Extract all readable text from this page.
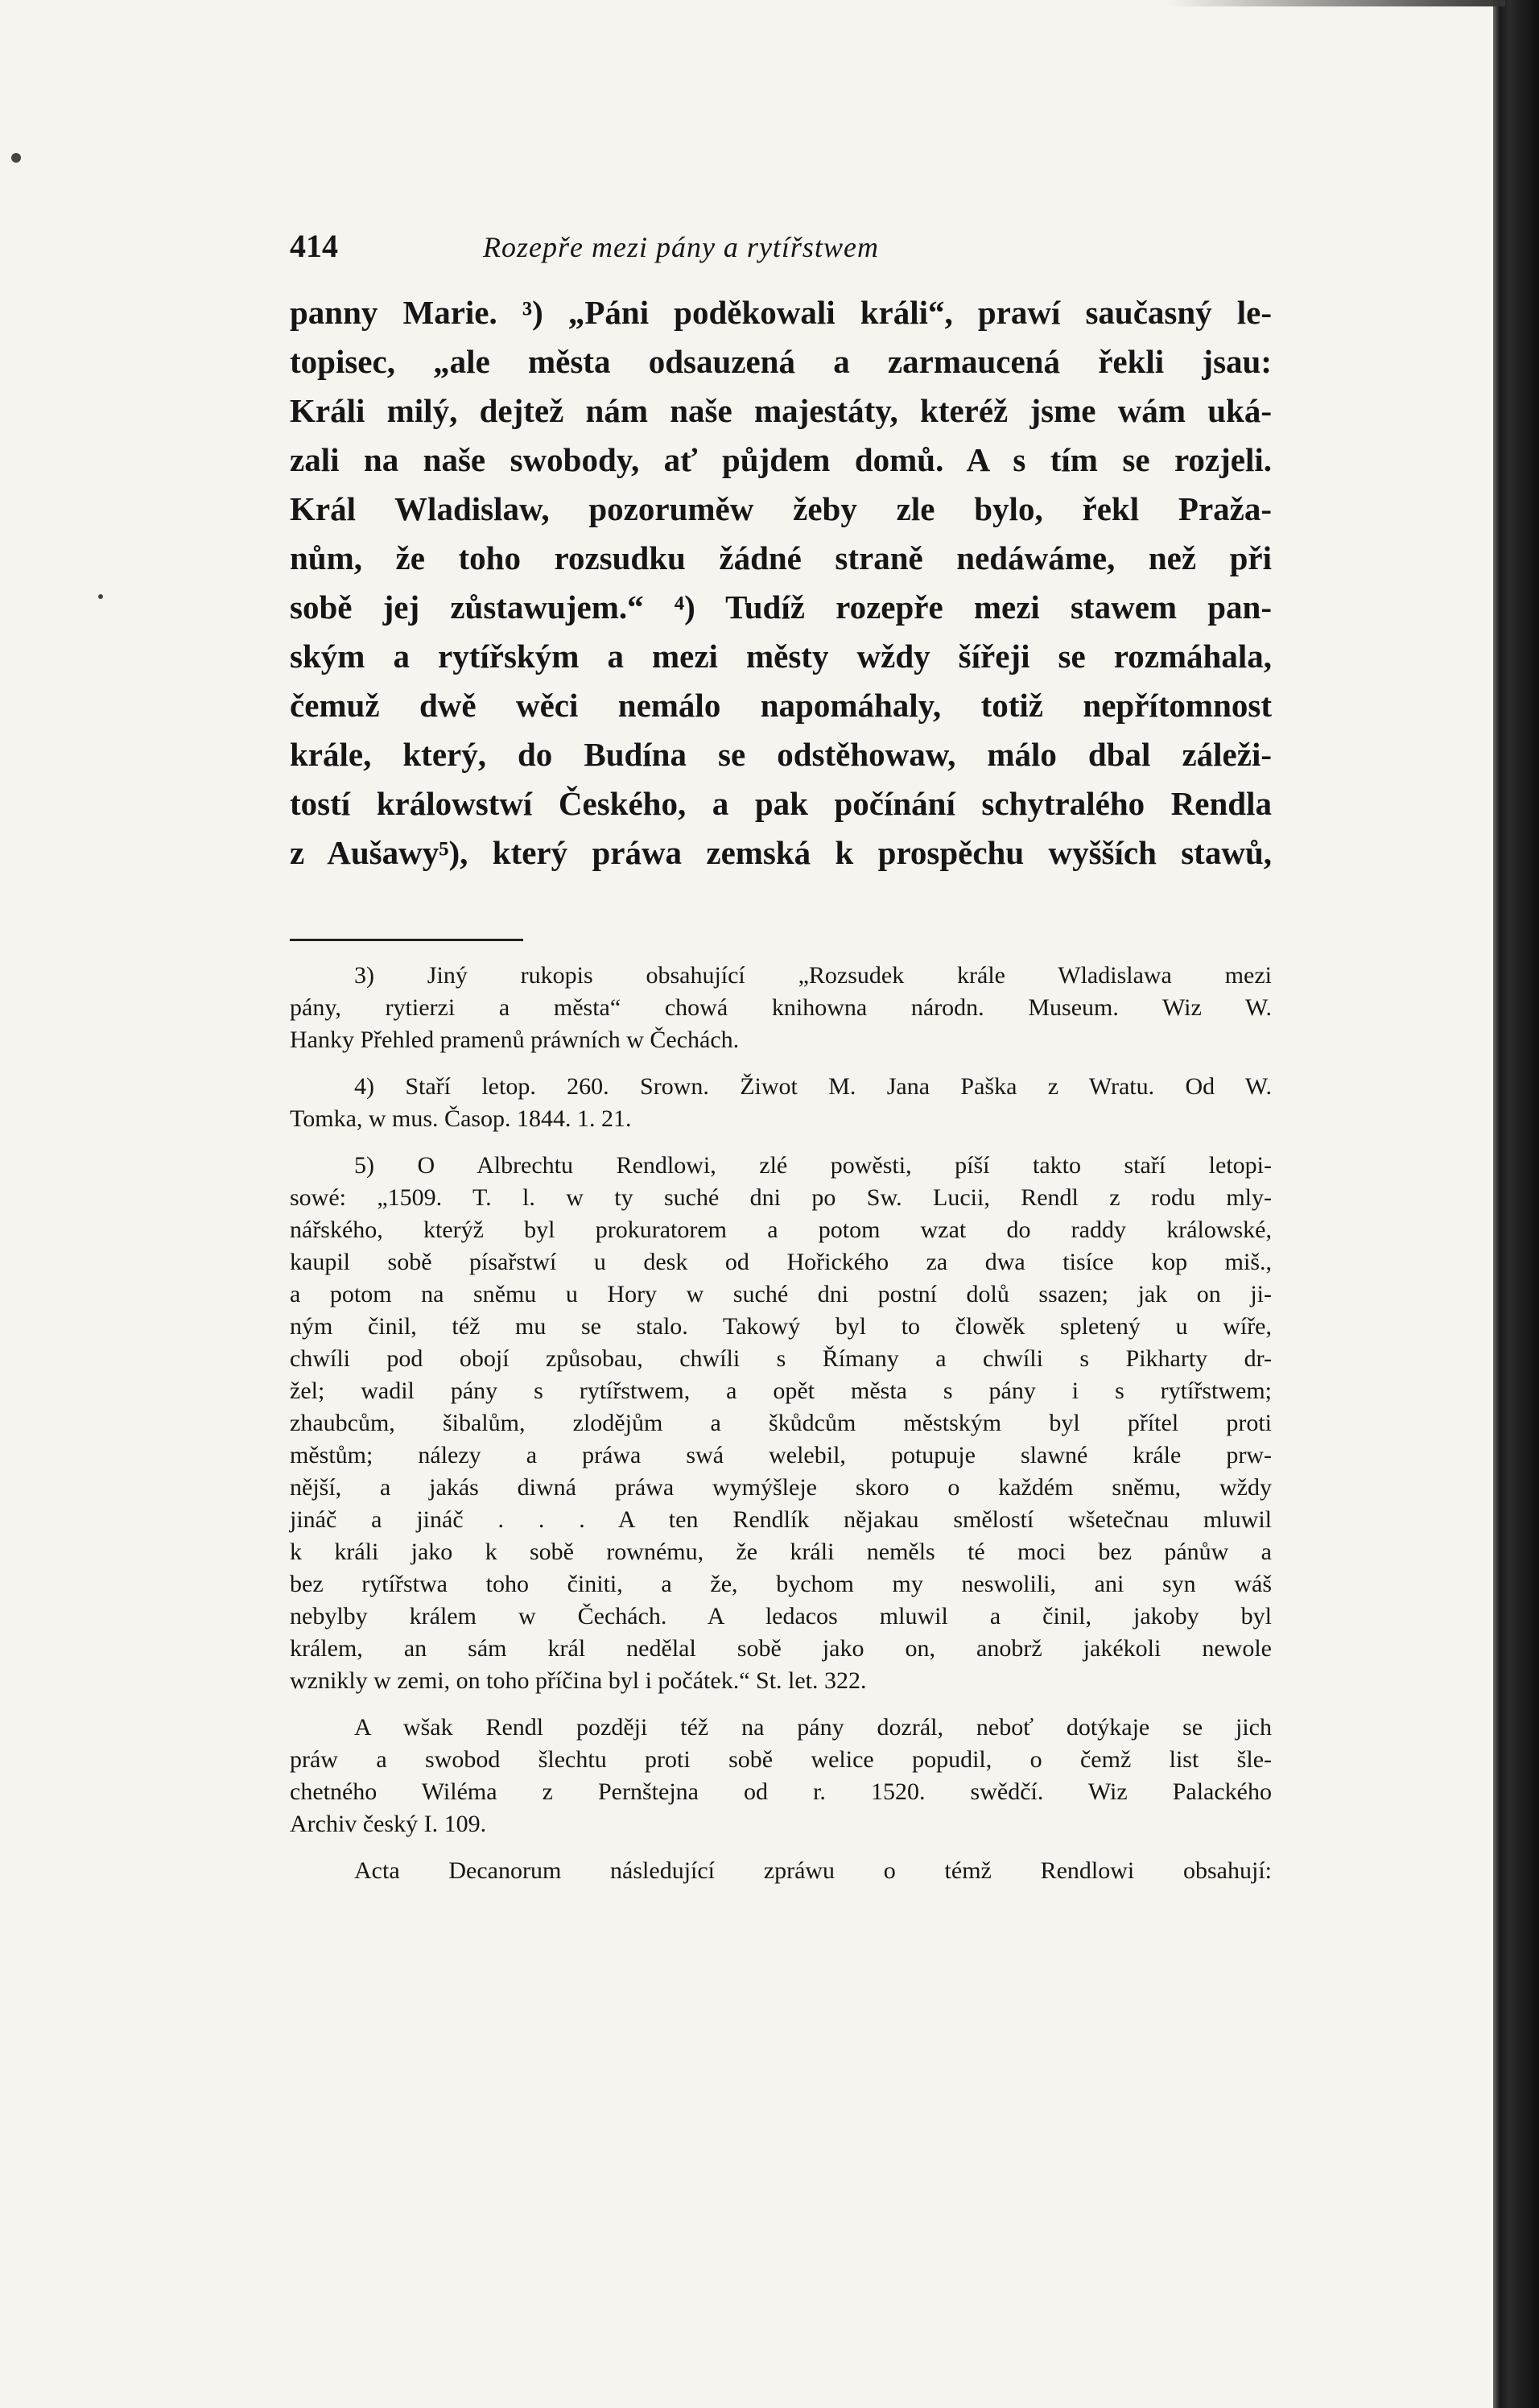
414	Rozepře mezi pány a rytířstwem
panny Marie. ³) „Páni poděkowali králi“, prawí saučasný le-
topisec, „ale města odsauzená a zarmaucená řekli jsau:
Králi milý, dejtež nám naše majestáty, kteréž jsme wám uká-
zali na naše swobody, ať půjdem domů. A s tím se rozjeli.
Král Wladislaw, pozoruměw žeby zle bylo, řekl Praža-
nům, že toho rozsudku žádné straně nedáwáme, než při
sobě jej zůstawujem.“ ⁴) Tudíž rozepře mezi stawem pan-
ským a rytířským a mezi městy wždy šířeji se rozmáhala,
čemuž dwě wěci nemálo napomáhaly, totiž nepřítomnost
krále, který, do Budína se odstěhowaw, málo dbal záleži-
tostí králowstwí Českého, a pak počínání schytralého Rendla
z Aušawy⁵), který práwa zemská k prospěchu wyšších stawů,
3) Jiný rukopis obsahující „Rozsudek krále Wladislawa mezi
pány, rytierzi a města“ chowá knihowna národn. Museum. Wiz W.
Hanky Přehled pramenů práwních w Čechách.
4) Staří letop. 260. Srown. Žiwot M. Jana Paška z Wratu. Od W.
Tomka, w mus. Časop. 1844. 1. 21.
5) O Albrechtu Rendlowi, zlé powěsti, píší takto staří letopi-
sowé: „1509. T. l. w ty suché dni po Sw. Lucii, Rendl z rodu mly-
nářského, kterýž byl prokuratorem a potom wzat do raddy králowské,
kaupil sobě písařstwí u desk od Hořického za dwa tisíce kop miš.,
a potom na sněmu u Hory w suché dni postní dolů ssazen; jak on ji-
ným činil, též mu se stalo. Takowý byl to člowěk spletený u wíře,
chwíli pod obojí způsobau, chwíli s Římany a chwíli s Pikharty dr-
žel; wadil pány s rytířstwem, a opět města s pány i s rytířstwem;
zhaubcům, šibalům, zlodějům a škůdcům městským byl přítel proti
městům; nálezy a práwa swá welebil, potupuje slawné krále prw-
nější, a jakás diwná práwa wymýšleje skoro o každém sněmu, wždy
jináč a jináč . . . A ten Rendlík nějakau smělostí wšetečnau mluwil
k králi jako k sobě rownému, že králi neměls té moci bez pánůw a
bez rytířstwa toho činiti, a že, bychom my neswolili, ani syn wáš
nebylby králem w Čechách. A ledacos mluwil a činil, jakoby byl
králem, an sám král nedělal sobě jako on, anobrž jakékoli newole
wznikly w zemi, on toho příčina byl i počátek.“ St. let. 322.
A wšak Rendl později též na pány dozrál, neboť dotýkaje se jich
práw a swobod šlechtu proti sobě welice popudil, o čemž list šle-
chetného Wiléma z Pernštejna od r. 1520. swědčí. Wiz Palackého
Archiv český I. 109.
Acta Decanorum následující zpráwu o témž Rendlowi obsahují:
